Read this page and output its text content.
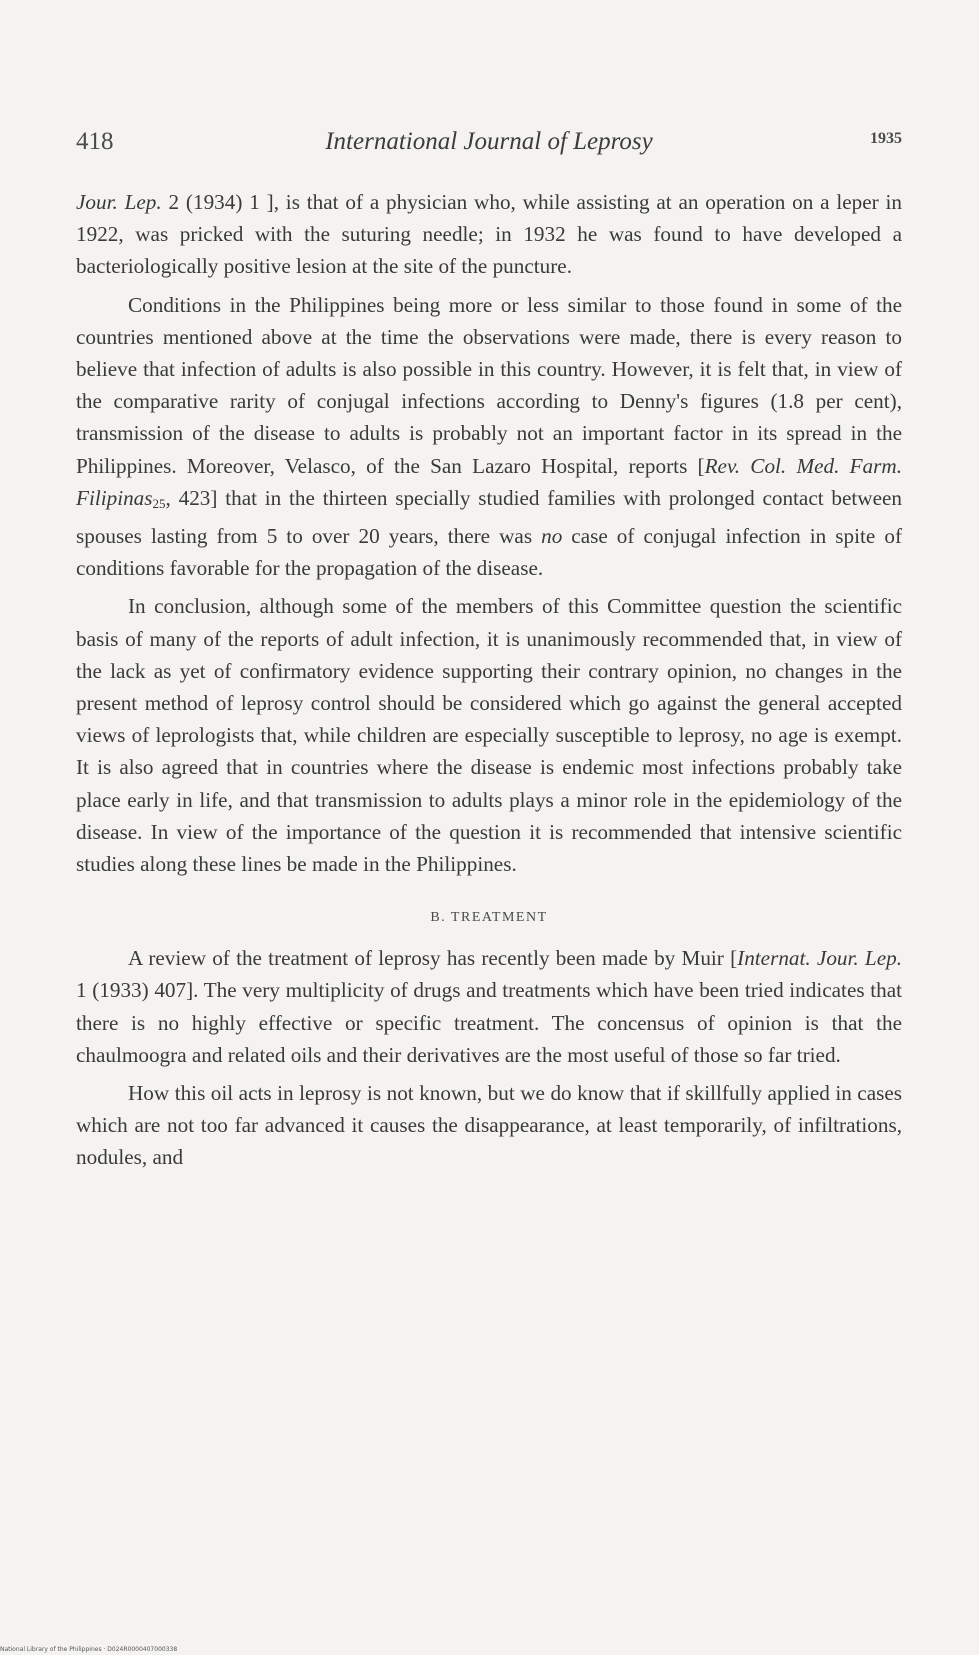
418	International Journal of Leprosy	1935

Jour. Lep. 2 (1934) 1 ], is that of a physician who, while assisting at an operation on a leper in 1922, was pricked with the suturing needle; in 1932 he was found to have developed a bacteriologically positive lesion at the site of the puncture.

Conditions in the Philippines being more or less similar to those found in some of the countries mentioned above at the time the observations were made, there is every reason to believe that infection of adults is also possible in this country. However, it is felt that, in view of the comparative rarity of conjugal infections according to Denny's figures (1.8 per cent), transmission of the disease to adults is probably not an important factor in its spread in the Philippines. Moreover, Velasco, of the San Lazaro Hospital, reports [Rev. Col. Med. Farm. Filipinas$_{25}$, 423] that in the thirteen specially studied families with prolonged contact between spouses lasting from 5 to over 20 years, there was no case of conjugal infection in spite of conditions favorable for the propagation of the disease.

In conclusion, although some of the members of this Committee question the scientific basis of many of the reports of adult infection, it is unanimously recommended that, in view of the lack as yet of confirmatory evidence supporting their contrary opinion, no changes in the present method of leprosy control should be considered which go against the general accepted views of leprologists that, while children are especially susceptible to leprosy, no age is exempt. It is also agreed that in countries where the disease is endemic most infections probably take place early in life, and that transmission to adults plays a minor role in the epidemiology of the disease. In view of the importance of the question it is recommended that intensive scientific studies along these lines be made in the Philippines.

B. TREATMENT

A review of the treatment of leprosy has recently been made by Muir [Internat. Jour. Lep. 1 (1933) 407]. The very multiplicity of drugs and treatments which have been tried indicates that there is no highly effective or specific treatment. The concensus of opinion is that the chaulmoogra and related oils and their derivatives are the most useful of those so far tried.

How this oil acts in leprosy is not known, but we do know that if skillfully applied in cases which are not too far advanced it causes the disappearance, at least temporarily, of infiltrations, nodules, and

National Library of the Philippines · D024R0000407000338
